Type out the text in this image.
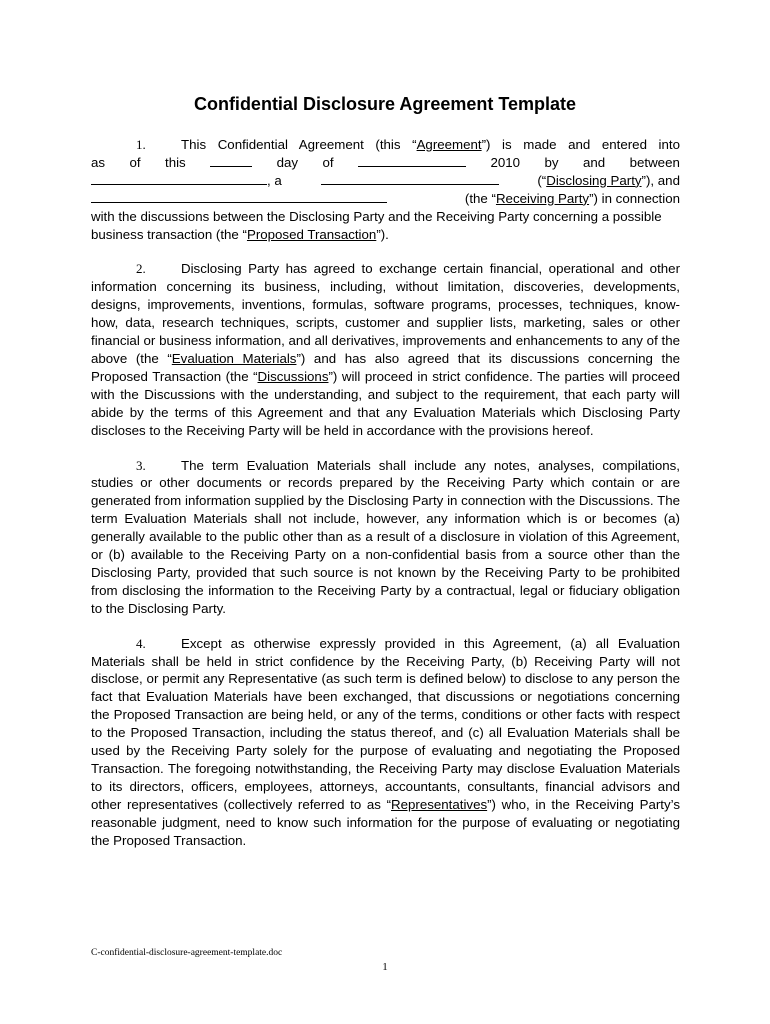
Confidential Disclosure Agreement Template
1.	This Confidential Agreement (this “Agreement”) is made and entered into
as of this	day of	2010 by and between
, a	(“Disclosing Party”), and
(the “Receiving Party”) in connection
with the discussions between the Disclosing Party and the Receiving Party concerning a possible business transaction (the “Proposed Transaction”).

2.	Disclosing Party has agreed to exchange certain financial, operational and other information concerning its business, including, without limitation, discoveries, developments, designs, improvements, inventions, formulas, software programs, processes, techniques, know-how, data, research techniques, scripts, customer and supplier lists, marketing, sales or other financial or business information, and all derivatives, improvements and enhancements to any of the above (the “Evaluation Materials”) and has also agreed that its discussions concerning the Proposed Transaction (the “Discussions”) will proceed in strict confidence. The parties will proceed with the Discussions with the understanding, and subject to the requirement, that each party will abide by the terms of this Agreement and that any Evaluation Materials which Disclosing Party discloses to the Receiving Party will be held in accordance with the provisions hereof.

3.	The term Evaluation Materials shall include any notes, analyses, compilations, studies or other documents or records prepared by the Receiving Party which contain or are generated from information supplied by the Disclosing Party in connection with the Discussions. The term Evaluation Materials shall not include, however, any information which is or becomes (a) generally available to the public other than as a result of a disclosure in violation of this Agreement, or (b) available to the Receiving Party on a non-confidential basis from a source other than the Disclosing Party, provided that such source is not known by the Receiving Party to be prohibited from disclosing the information to the Receiving Party by a contractual, legal or fiduciary obligation to the Disclosing Party.

4.	Except as otherwise expressly provided in this Agreement, (a) all Evaluation Materials shall be held in strict confidence by the Receiving Party, (b) Receiving Party will not disclose, or permit any Representative (as such term is defined below) to disclose to any person the fact that Evaluation Materials have been exchanged, that discussions or negotiations concerning the Proposed Transaction are being held, or any of the terms, conditions or other facts with respect to the Proposed Transaction, including the status thereof, and (c) all Evaluation Materials shall be used by the Receiving Party solely for the purpose of evaluating and negotiating the Proposed Transaction. The foregoing notwithstanding, the Receiving Party may disclose Evaluation Materials to its directors, officers, employees, attorneys, accountants, consultants, financial advisors and other representatives (collectively referred to as “Representatives”) who, in the Receiving Party’s reasonable judgment, need to know such information for the purpose of evaluating or negotiating the Proposed Transaction.

C-confidential-disclosure-agreement-template.doc
1
